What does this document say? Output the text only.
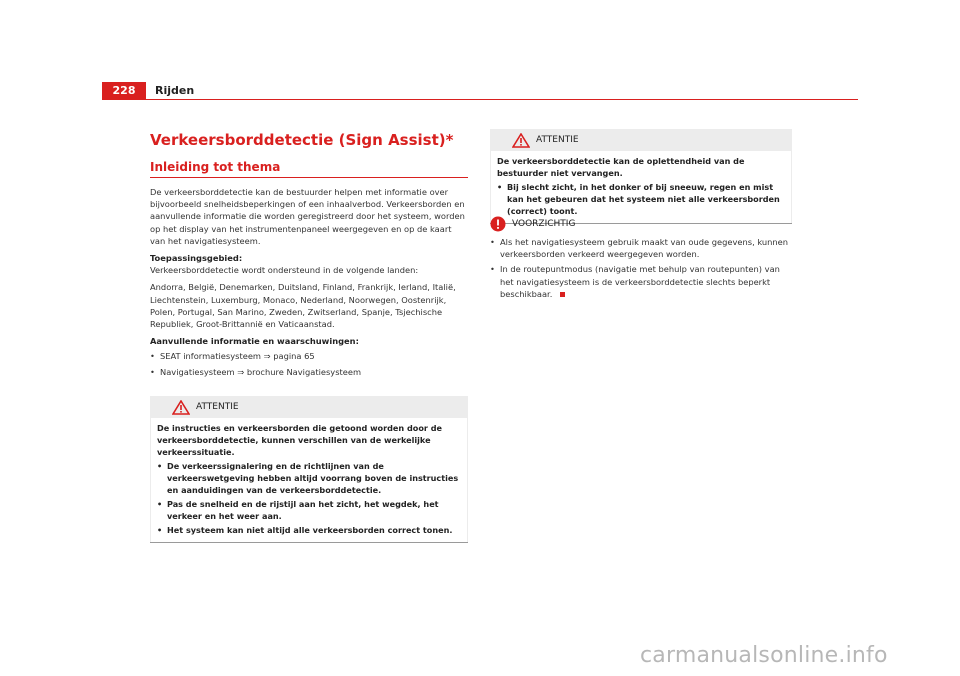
228	Rijden
Verkeersborddetectie (Sign Assist)*
Inleiding tot thema

De verkeersborddetectie kan de bestuurder helpen met informatie over bijvoorbeeld snelheidsbeperkingen of een inhaalverbod. Verkeersborden en aanvullende informatie die worden geregistreerd door het systeem, worden op het display van het instrumentenpaneel weergegeven en op de kaart van het navigatiesysteem.

Toepassingsgebied:
Verkeersborddetectie wordt ondersteund in de volgende landen:

Andorra, België, Denemarken, Duitsland, Finland, Frankrijk, Ierland, Italië, Liechtenstein, Luxemburg, Monaco, Nederland, Noorwegen, Oostenrijk, Polen, Portugal, San Marino, Zweden, Zwitserland, Spanje, Tsjechische Republiek, Groot-Brittannië en Vaticaanstad.

Aanvullende informatie en waarschuwingen:

• SEAT informatiesysteem ⇒ pagina 65

• Navigatiesysteem ⇒ brochure Navigatiesysteem

ATTENTIE

De instructies en verkeersborden die getoond worden door de verkeersborddetectie, kunnen verschillen van de werkelijke verkeerssituatie.

• De verkeerssignalering en de richtlijnen van de verkeerswetgeving hebben altijd voorrang boven de instructies en aanduidingen van de verkeersborddetectie.

• Pas de snelheid en de rijstijl aan het zicht, het wegdek, het verkeer en het weer aan.

• Het systeem kan niet altijd alle verkeersborden correct tonen.

ATTENTIE

De verkeersborddetectie kan de oplettendheid van de bestuurder niet vervangen.

• Bij slecht zicht, in het donker of bij sneeuw, regen en mist kan het gebeuren dat het systeem niet alle verkeersborden (correct) toont.

VOORZICHTIG

• Als het navigatiesysteem gebruik maakt van oude gegevens, kunnen verkeersborden verkeerd weergegeven worden.

• In de routepuntmodus (navigatie met behulp van routepunten) van het navigatiesysteem is de verkeersborddetectie slechts beperkt beschikbaar.

carmanualsonline.info
